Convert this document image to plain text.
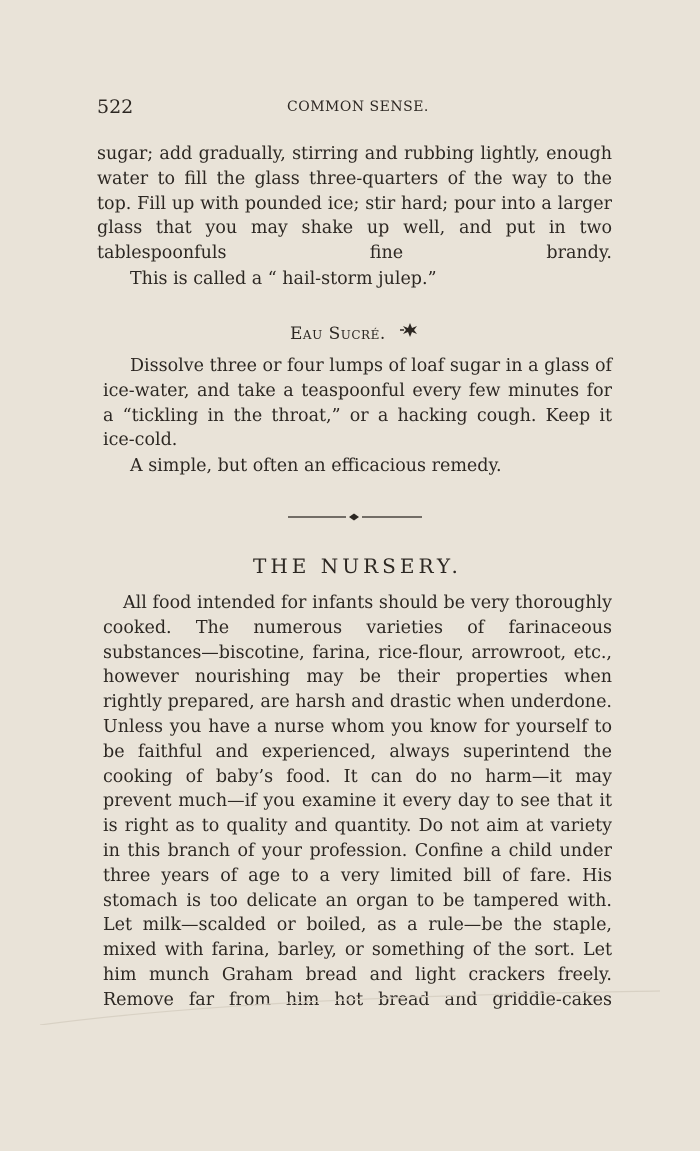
522	COMMON SENSE.

sugar; add gradually, stirring and rubbing lightly, enough water to fill the glass three-quarters of the way to the top. Fill up with pounded ice; stir hard; pour into a larger glass that you may shake up well, and put in two tablespoonfuls fine brandy.

This is called a “ hail-storm julep.”

Eau Sucré.

Dissolve three or four lumps of loaf sugar in a glass of ice-water, and take a teaspoonful every few minutes for a “tickling in the throat,” or a hacking cough. Keep it ice-cold.

A simple, but often an efficacious remedy.

THE NURSERY.

All food intended for infants should be very thoroughly cooked. The numerous varieties of farinaceous substances—biscotine, farina, rice-flour, arrowroot, etc., however nourishing may be their properties when rightly prepared, are harsh and drastic when underdone. Unless you have a nurse whom you know for yourself to be faithful and experienced, always superintend the cooking of baby’s food. It can do no harm—it may prevent much—if you examine it every day to see that it is right as to quality and quantity. Do not aim at variety in this branch of your profession. Confine a child under three years of age to a very limited bill of fare. His stomach is too delicate an organ to be tampered with. Let milk—scalded or boiled, as a rule—be the staple, mixed with farina, barley, or something of the sort. Let him munch Graham bread and light crackers freely. Remove far from him hot bread and griddle-cakes
